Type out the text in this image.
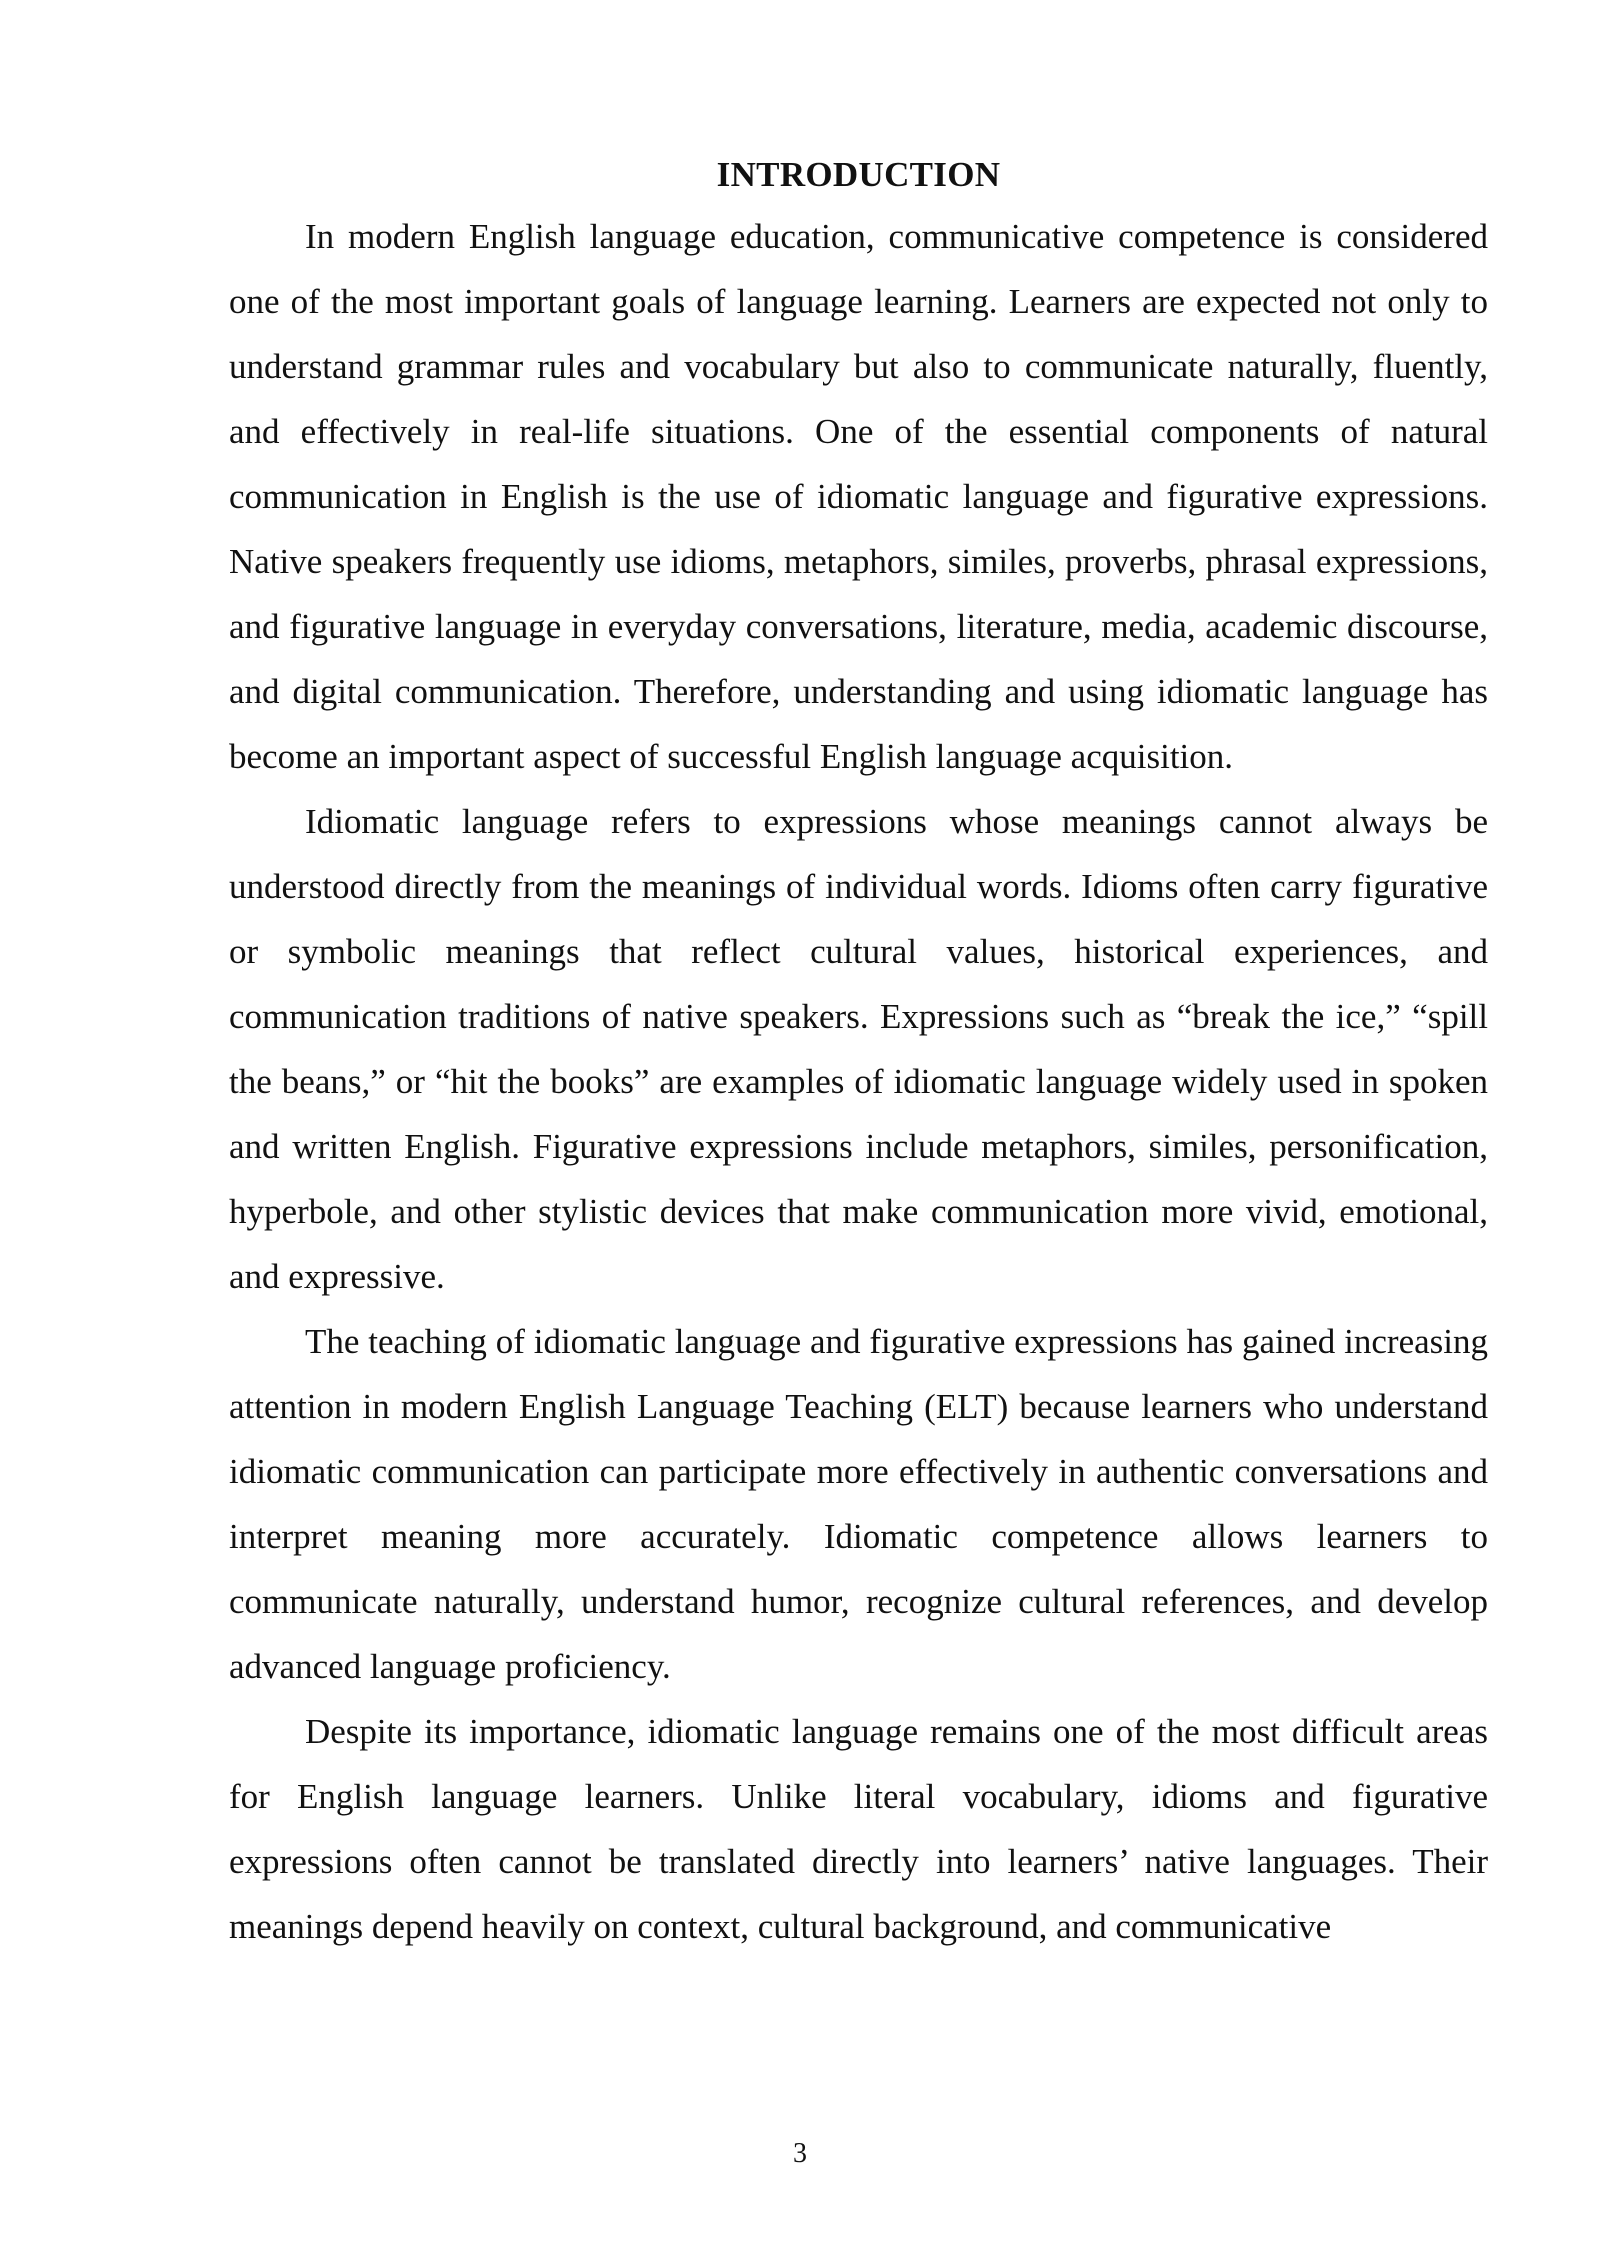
INTRODUCTION

In modern English language education, communicative competence is considered one of the most important goals of language learning. Learners are expected not only to understand grammar rules and vocabulary but also to communicate naturally, fluently, and effectively in real-life situations. One of the essential components of natural communication in English is the use of idiomatic language and figurative expressions. Native speakers frequently use idioms, metaphors, similes, proverbs, phrasal expressions, and figurative language in everyday conversations, literature, media, academic discourse, and digital communication. Therefore, understanding and using idiomatic language has become an important aspect of successful English language acquisition.

Idiomatic language refers to expressions whose meanings cannot always be understood directly from the meanings of individual words. Idioms often carry figurative or symbolic meanings that reflect cultural values, historical experiences, and communication traditions of native speakers. Expressions such as “break the ice,” “spill the beans,” or “hit the books” are examples of idiomatic language widely used in spoken and written English. Figurative expressions include metaphors, similes, personification, hyperbole, and other stylistic devices that make communication more vivid, emotional, and expressive.

The teaching of idiomatic language and figurative expressions has gained increasing attention in modern English Language Teaching (ELT) because learners who understand idiomatic communication can participate more effectively in authentic conversations and interpret meaning more accurately. Idiomatic competence allows learners to communicate naturally, understand humor, recognize cultural references, and develop advanced language proficiency.

Despite its importance, idiomatic language remains one of the most difficult areas for English language learners. Unlike literal vocabulary, idioms and figurative expressions often cannot be translated directly into learners’ native languages. Their meanings depend heavily on context, cultural background, and communicative

3
